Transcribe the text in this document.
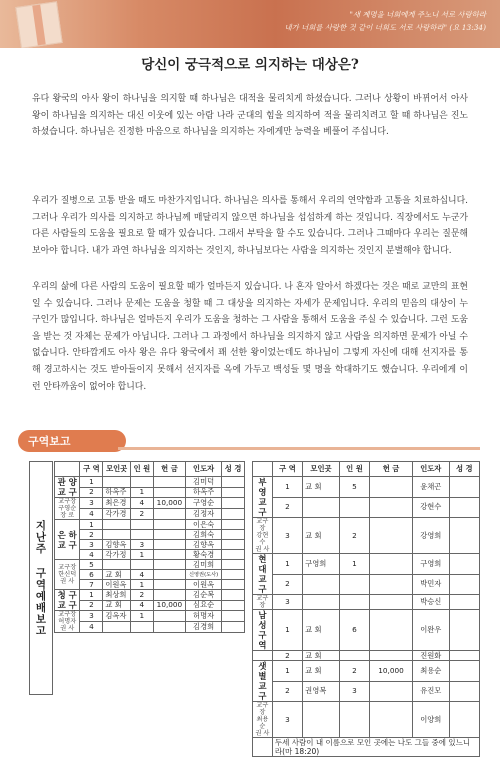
"새 계명을 너희에게 주노니 서로 사랑하라
내가 너희를 사랑한 것 같이 너희도 서로 사랑하라" (요 13:34)
당신이 궁극적으로 의지하는 대상은?

유다 왕국의 아사 왕이 하나님을 의지할 때 하나님은 대적을 물리치게 하셨습니다. 그러나 상황이 바뀌어서 아사 왕이 하나님을 의지하는 대신 이웃에 있는 아람 나라 군대의 힘을 의지하여 적을 물리치려고 할 때 하나님은 진노하셨습니다. 하나님은 진정한 마음으로 하나님을 의지하는 자에게만 능력을 베풀어 주십니다.

우리가 질병으로 고통 받을 때도 마찬가지입니다. 하나님은 의사를 통해서 우리의 연약함과 고통을 치료하십니다. 그러나 우리가 의사를 의지하고 하나님께 매달리지 않으면 하나님을 섭섭하게 하는 것입니다. 직장에서도 누군가 다른 사람들의 도움을 필요로 할 때가 있습니다. 그래서 부탁을 할 수도 있습니다. 그러나 그때마다 우리는 질문해 보아야 합니다. 내가 과연 하나님을 의지하는 것인지, 하나님보다는 사람을 의지하는 것인지 분별해야 합니다.

우리의 삶에 다른 사람의 도움이 필요할 때가 얼마든지 있습니다. 나 혼자 알아서 하겠다는 것은 때로 교만의 표현일 수 있습니다. 그러나 문제는 도움을 청할 때 그 대상을 의지하는 자세가 문제입니다. 우리의 믿음의 대상이 누구인가 많입니다. 하나님은 얼마든지 우리가 도움을 청하는 그 사람을 통해서 도움을 주실 수 있습니다. 그런 도움을 받는 것 자체는 문제가 아닙니다. 그러나 그 과정에서 하나님을 의지하지 않고 사람을 의지하면 문제가 아닐 수 없습니다. 안타깝게도 아사 왕은 유다 왕국에서 꽤 선한 왕이었는데도 하나님이 그렇게 자신에 대해 선지자를 통해 경고하시는 것도 받아들이지 못해서 선지자를 옥에 가두고 백성들 몇 명을 학대하기도 했습니다. 우리에게 이런 안타까움이 없어야 합니다.

구역보고
지난주 구역예배보고
	구 역	모인곳	인 원	헌 금	인도자	성 경
관 양
교 구	1				김미덕	
	2	하옥주	1		하옥주	
교구장
구영순
장 로	3	최은경	4	10,000	구영순	
	4	각가경	2		김정자	
은 하
교 구	1				이은숙	
	2				김희숙	
	3	김향옥	3		김향옥	
	4	각가정	1		황숙경	
교구장
한신덕
권 사	5				김미희	
	6	교 회	4		신영권(도사)	
	7	이원옥	1		이원옥	
청 구
교 구	1	최상희	2		김순복	
	2	교 회	4	10,000	심요순	
교구장
허명자
권 사	3	김옥자	1		허명자	
	4				김경희	
	구 역	모인곳	인 원	헌 금	인도자	성 경
부 영
교 구	1	교 회	5		윤채곤	
	2				강현수	
교구장
강현수
권 사	3	교 회	2		강영희	
현 대
교 구	1	구영희	1		구영희	
	2				박민자	
교구장	3				박승신	
남 성
구 역	1	교 회	6		이완우	
	2	교 회			진원화	
샛 별
교 구	1	교 회	2	10,000	최용순	
	2	권영복	3		유진모	
교구장
최용순
권 사	3				이양희	
	두세 사람이 내 이름으로 모인 곳에는 나도 그들 중에 있느니라(마 18:20)					
